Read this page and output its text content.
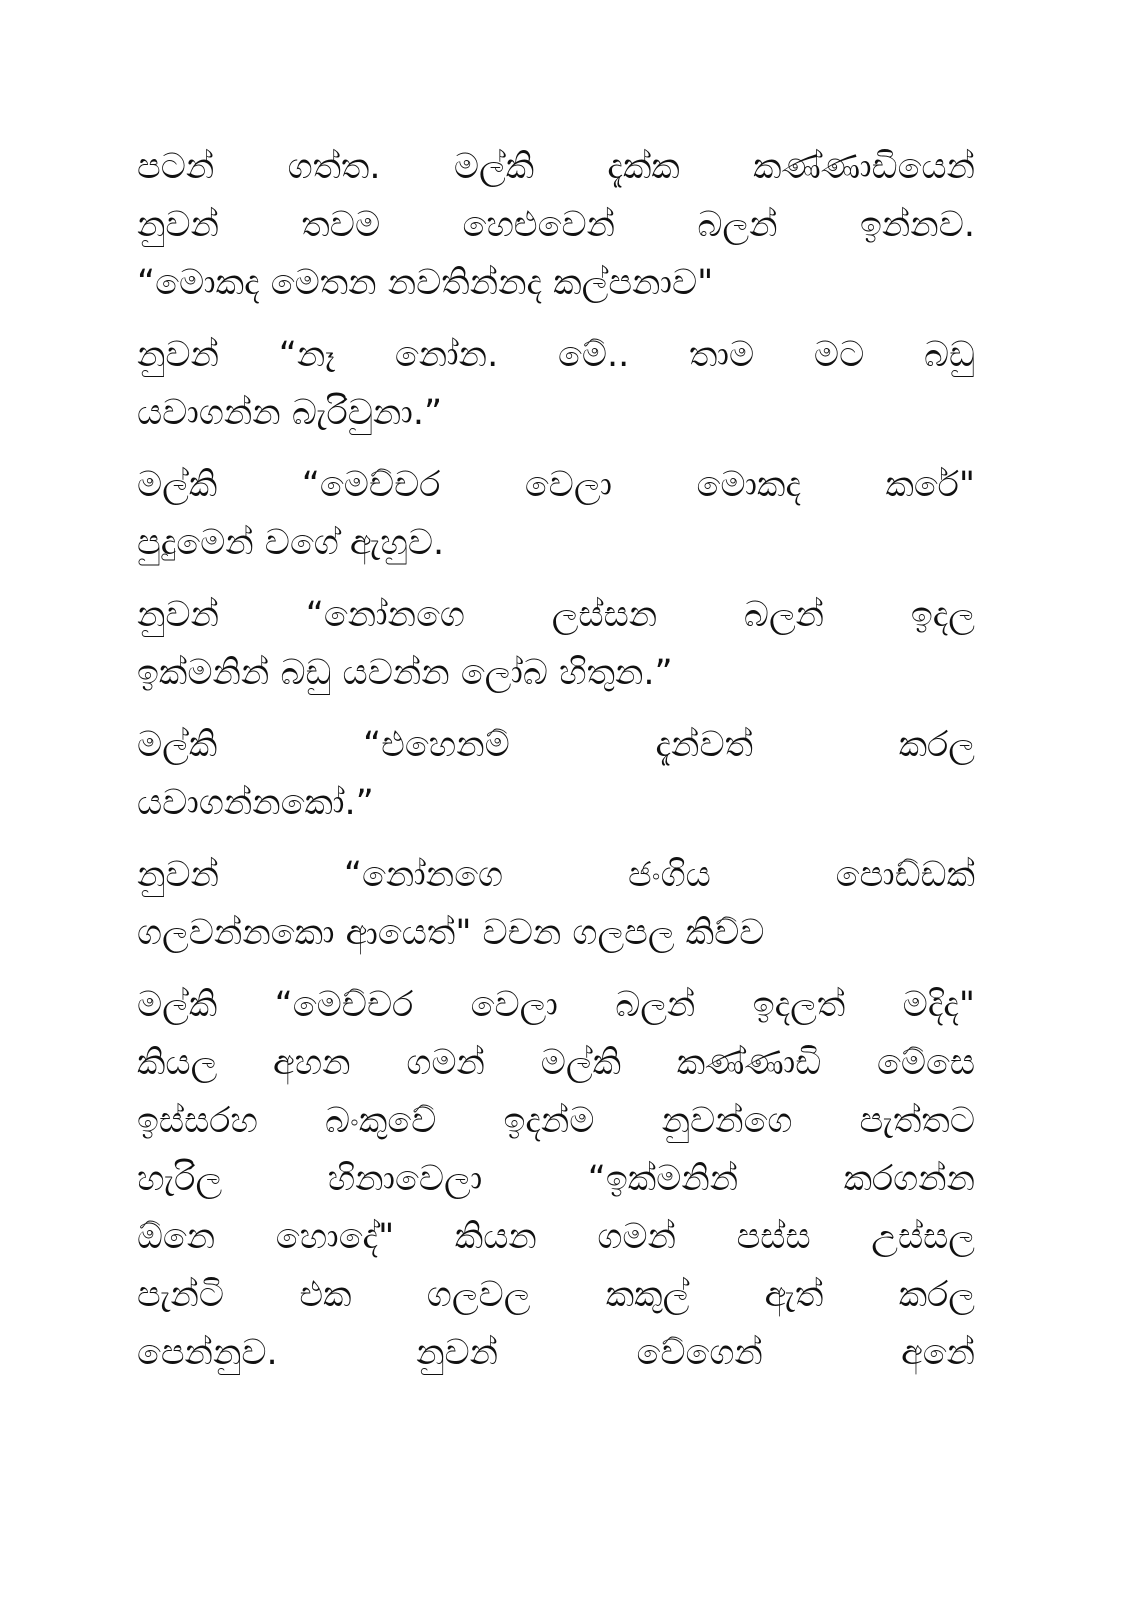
පටන් ගත්ත. මල්කි දැක්ක කණ්ණාඩියෙන්
නුවන් තවම හෙළුවෙන් බලන් ඉන්නව.
“මොකද මෙතන නවතින්නද කල්පනාව"
නුවන් “නෑ නෝන. මේ.. තාම මට බඩු
යවාගන්න බැරිවුනා.”
මල්කි “මෙච්චර වෙලා මොකද කරේ"
පුදුමෙන් වගේ ඇහුව.
නුවන් “නෝනගෙ ලස්සන බලන් ඉදල
ඉක්මනින් බඩු යවන්න ලෝබ හිතුන.”
මල්කි “එහෙනම් දැන්වත් කරල
යවාගන්නකෝ.”
නුවන් “නෝනගෙ ජංගිය පොඩ්ඩක්
ගලවන්නකො ආයෙත්" වචන ගලපල කිව්ව
මල්කි “මෙච්චර වෙලා බලන් ඉදලත් මදිද"
කියල අහන ගමන් මල්කි කණ්ණාඩි මේසෙ
ඉස්සරහ බංකුවේ ඉදන්ම නුවන්ගෙ පැත්තට
හැරිල හිනාවෙලා “ඉක්මනින් කරගන්න
ඕනෙ හොදේ" කියන ගමන් පස්ස උස්සල
පැන්ටි එක ගලවල කකුල් ඇත් කරල
පෙන්නුව. නුවන් වේගෙන් අනේ
